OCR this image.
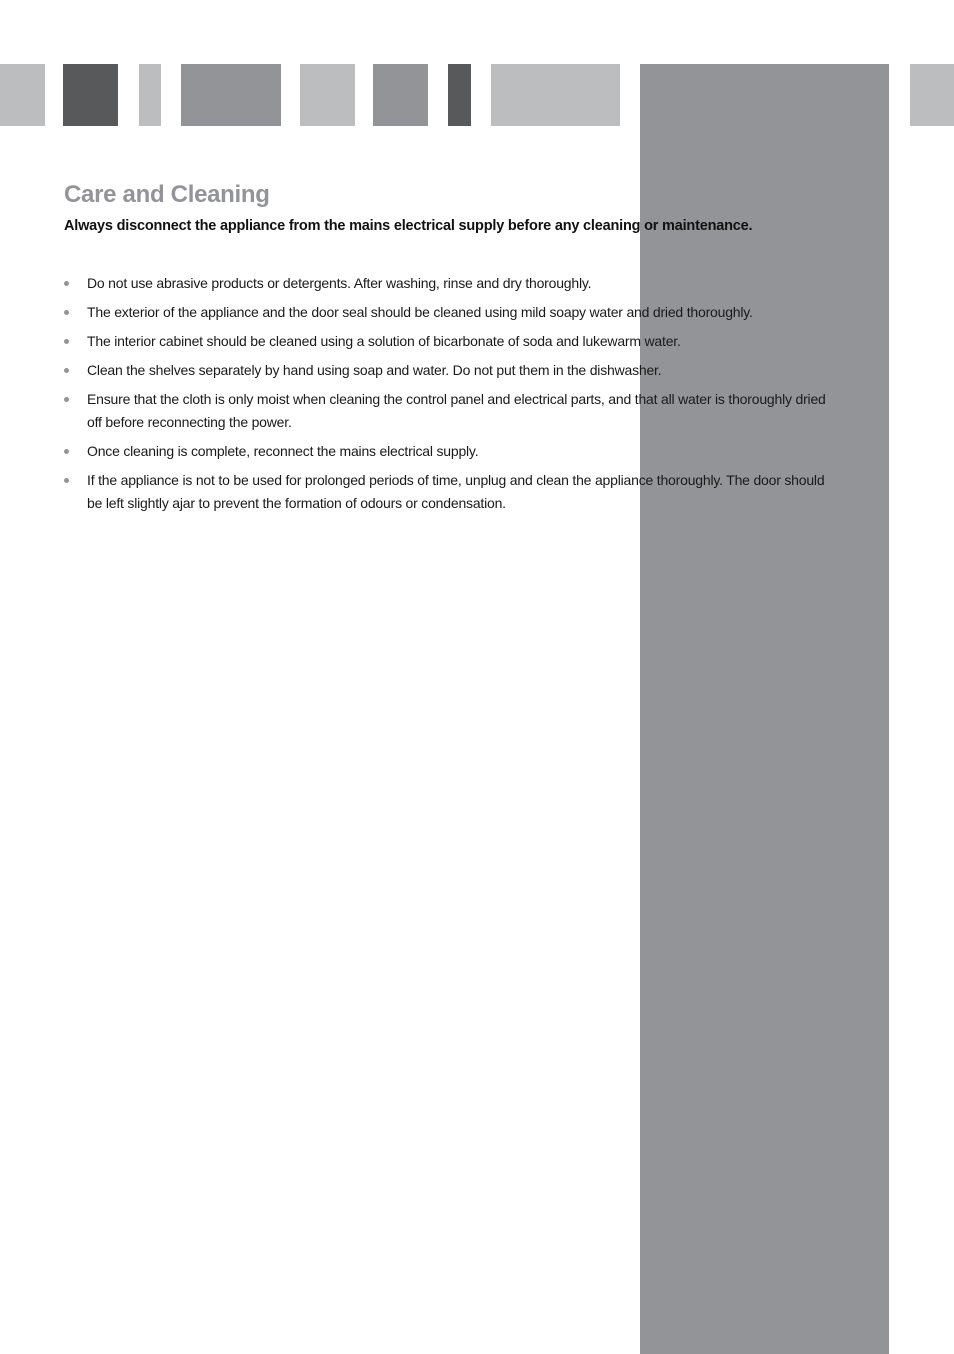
Care and Cleaning

Always disconnect the appliance from the mains electrical supply before any cleaning or maintenance.

Do not use abrasive products or detergents. After washing, rinse and dry thoroughly.
The exterior of the appliance and the door seal should be cleaned using mild soapy water and dried thoroughly.
The interior cabinet should be cleaned using a solution of bicarbonate of soda and lukewarm water.
Clean the shelves separately by hand using soap and water. Do not put them in the dishwasher.
Ensure that the cloth is only moist when cleaning the control panel and electrical parts, and that all water is thoroughly dried off before reconnecting the power.
Once cleaning is complete, reconnect the mains electrical supply.
If the appliance is not to be used for prolonged periods of time, unplug and clean the appliance thoroughly. The door should be left slightly ajar to prevent the formation of odours or condensation.
